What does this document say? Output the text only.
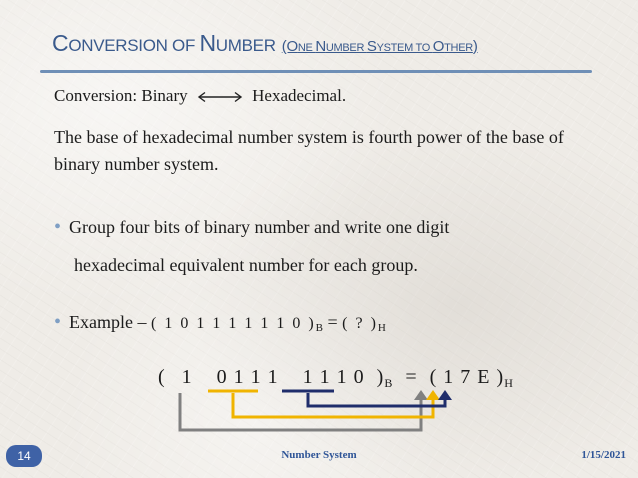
CONVERSION OF NUMBER (ONE NUMBER SYSTEM TO OTHER)
Conversion: Binary	Hexadecimal.

The base of hexadecimal number system is fourth power of the base of binary number system.

• Group four bits of binary number and write one digit
hexadecimal equivalent number for each group.

• Example – ( 1 0 1 1 1 1 1 1 0 )B = ( ? )H
( 1 0 1 1 1 1 1 1 0 )B = ( 1 7 E )H
14	Number System	1/15/2021
